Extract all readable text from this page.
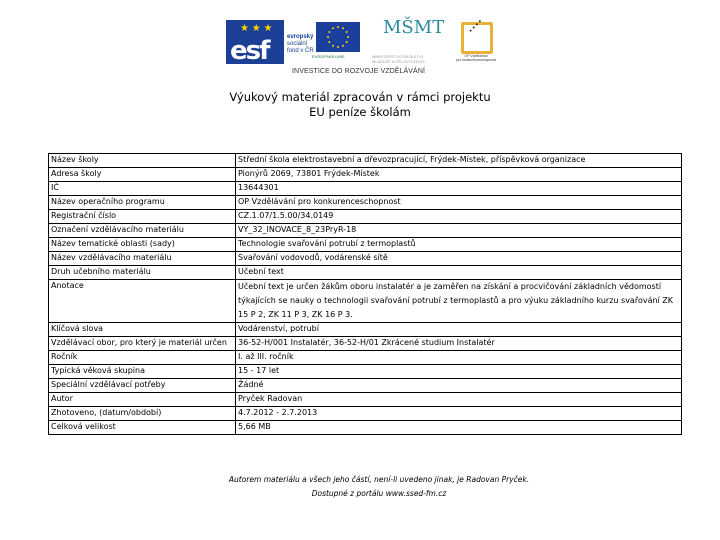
★ ★ ★
esf	evropský
sociální
fond v ČR
EVROPSKÁ UNIE
MŠMT
MINISTERSTVO ŠKOLSTVÍ,
MLÁDEŽE A TĚLOVÝCHOVY
• • • •
OP Vzdělávání
pro konkurenceschopnost
INVESTICE DO ROZVOJE VZDĚLÁVÁNÍ
Výukový materiál zpracován v rámci projektu
EU peníze školám
Název školy	Střední škola elektrostavební a dřevozpracující, Frýdek-Místek, příspěvková organizace
Adresa školy	Pionýrů 2069, 73801 Frýdek-Místek
IČ	13644301
Název operačního programu	OP Vzdělávání pro konkurenceschopnost
Registrační číslo	CZ.1.07/1.5.00/34.0149
Označení vzdělávacího materiálu	VY_32_INOVACE_8_23PryR-18
Název tematické oblasti (sady)	Technologie svařování potrubí z termoplastů
Název vzdělávacího materiálu	Svařování vodovodů, vodárenské sítě
Druh učebního materiálu	Učební text
Anotace	Učební text je určen žákům oboru instalatér a je zaměřen na získání a procvičování základních vědomostí týkajících se nauky o technologii svařování potrubí z termoplastů a pro výuku základního kurzu svařování ZK 15 P 2, ZK 11 P 3, ZK 16 P 3.
Klíčová slova	Vodárenství, potrubí
Vzdělávací obor, pro který je materiál určen	36-52-H/001 Instalatér, 36-52-H/01 Zkrácené studium Instalatér
Ročník	I. až III. ročník
Typická věková skupina	15 - 17 let
Speciální vzdělávací potřeby	Žádné
Autor	Pryček Radovan
Zhotoveno, (datum/období)	4.7.2012 - 2.7.2013
Celková velikost	5,66 MB
Autorem materiálu a všech jeho částí, není-li uvedeno jinak, je Radovan Pryček.
Dostupné z portálu www.ssed-fm.cz
